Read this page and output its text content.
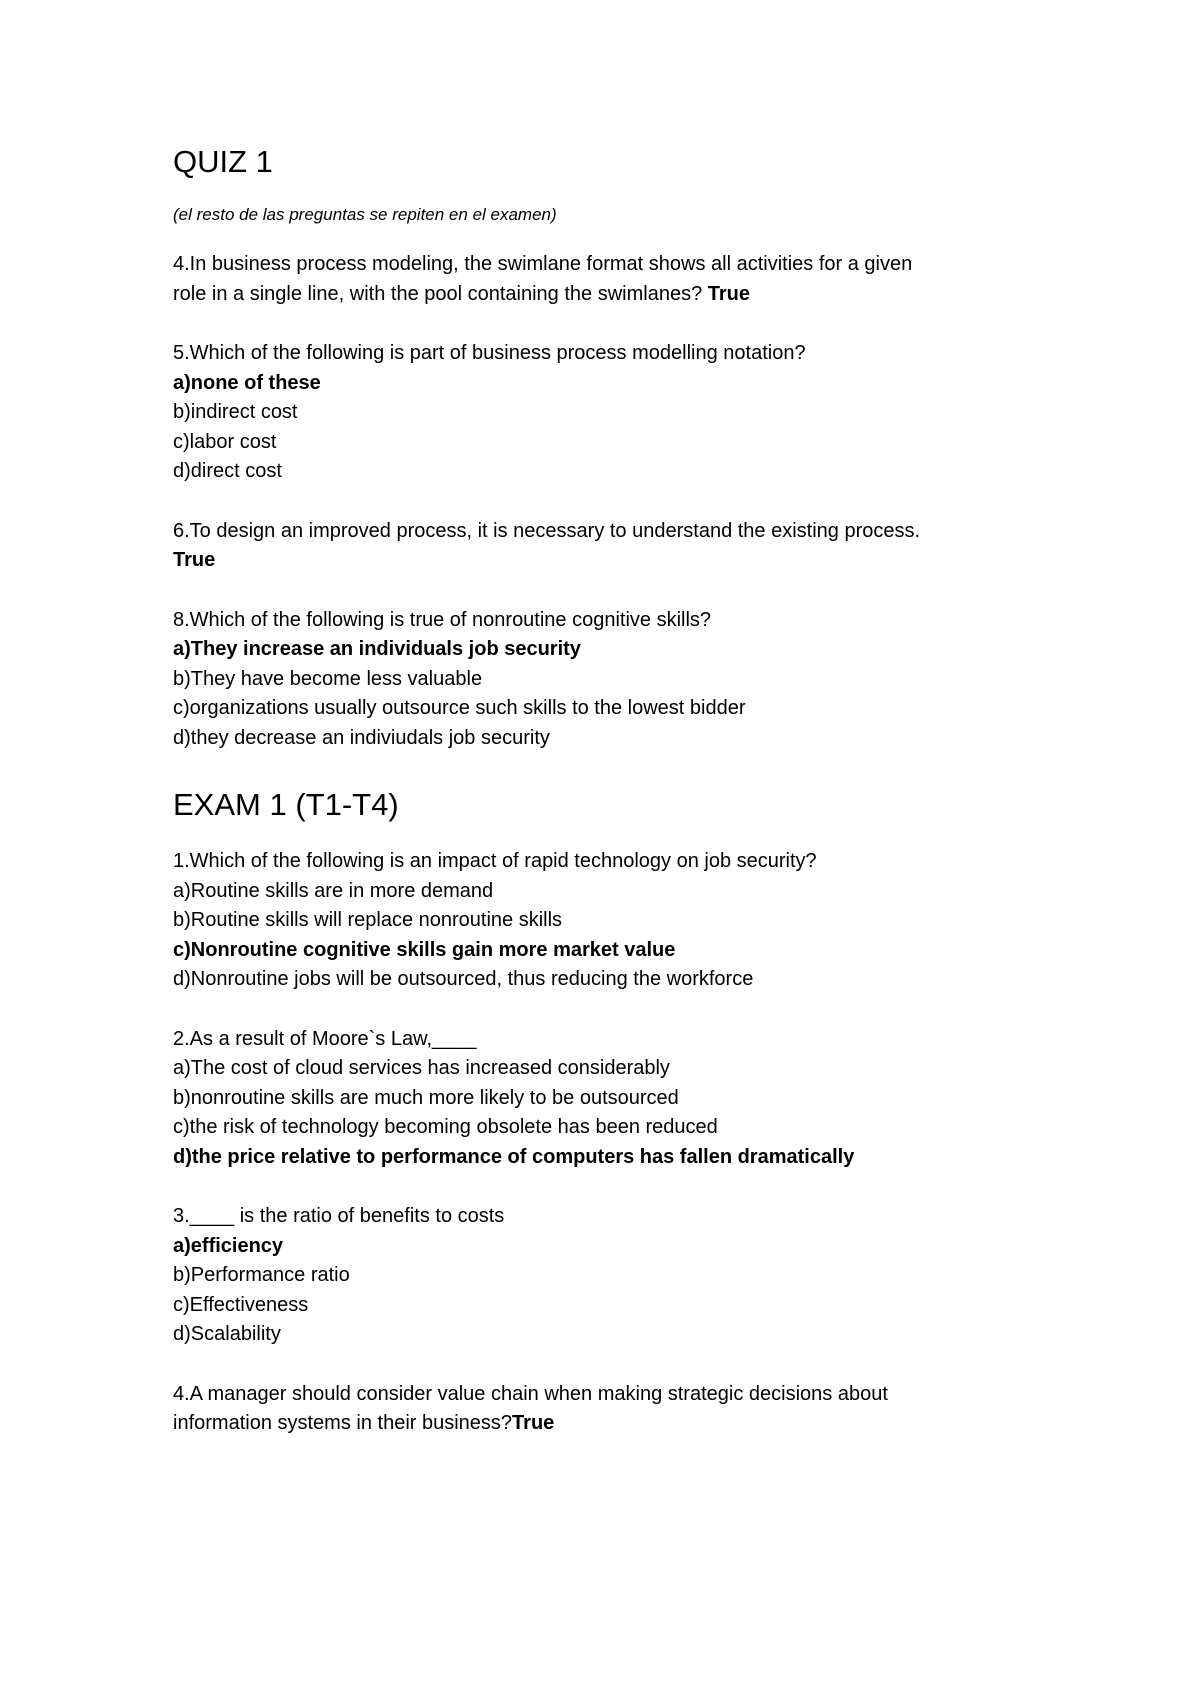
QUIZ 1

(el resto de las preguntas se repiten en el examen)

4.In business process modeling, the swimlane format shows all activities for a given
role in a single line, with the pool containing the swimlanes? True
5.Which of the following is part of business process modelling notation?
a)none of these
b)indirect cost
c)labor cost
d)direct cost
6.To design an improved process, it is necessary to understand the existing process.
True
8.Which of the following is true of nonroutine cognitive skills?
a)They increase an individuals job security
b)They have become less valuable
c)organizations usually outsource such skills to the lowest bidder
d)they decrease an indiviudals job security
EXAM 1 (T1-T4)
1.Which of the following is an impact of rapid technology on job security?
a)Routine skills are in more demand
b)Routine skills will replace nonroutine skills
c)Nonroutine cognitive skills gain more market value
d)Nonroutine jobs will be outsourced, thus reducing the workforce
2.As a result of Moore`s Law,____
a)The cost of cloud services has increased considerably
b)nonroutine skills are much more likely to be outsourced
c)the risk of technology becoming obsolete has been reduced
d)the price relative to performance of computers has fallen dramatically
3.____ is the ratio of benefits to costs
a)efficiency
b)Performance ratio
c)Effectiveness
d)Scalability
4.A manager should consider value chain when making strategic decisions about
information systems in their business?True
